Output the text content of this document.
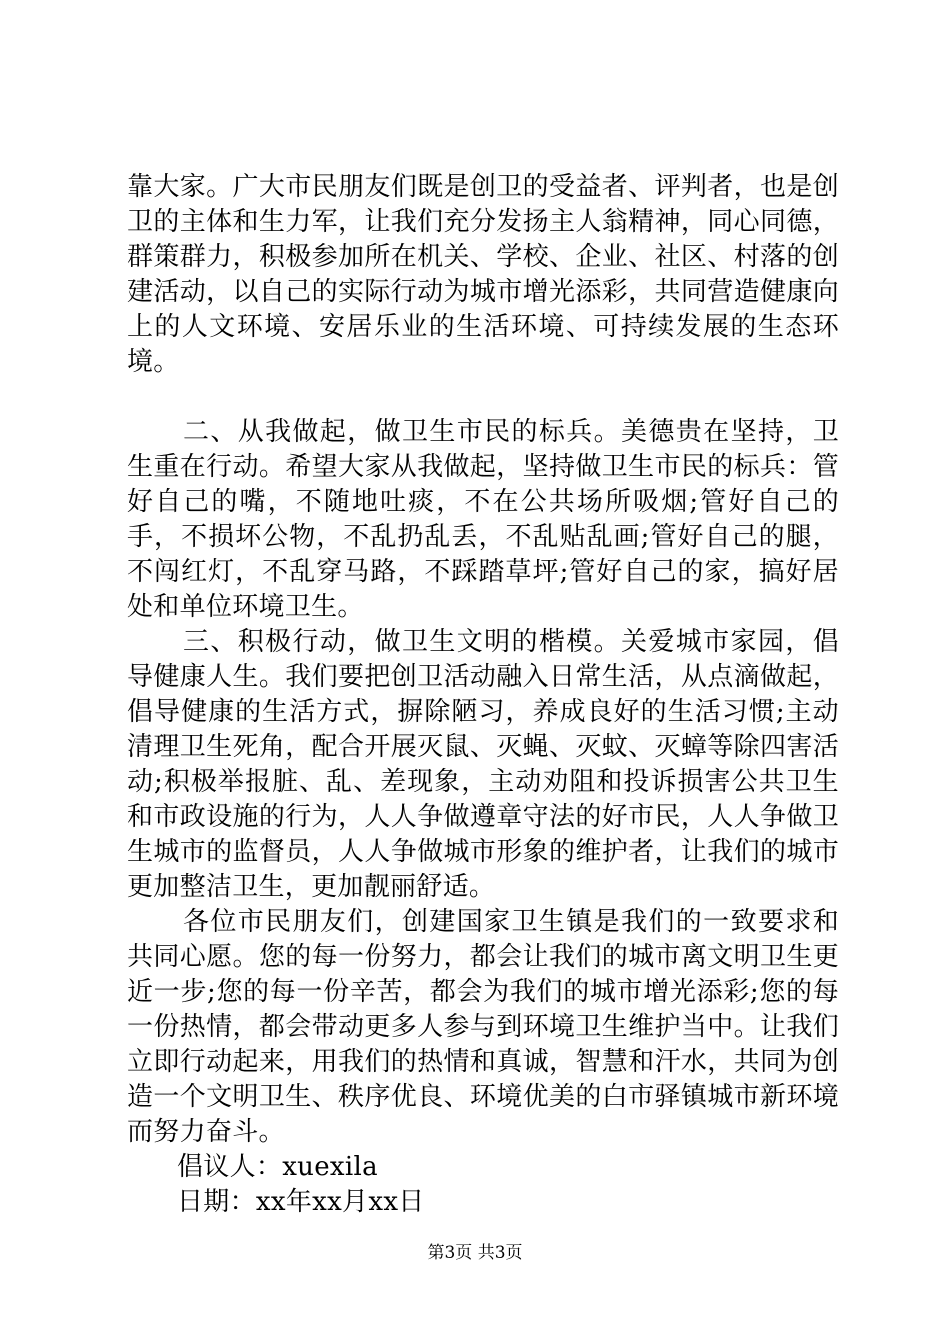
靠大家。广大市民朋友们既是创卫的受益者、评判者，也是创卫的主体和生力军，让我们充分发扬主人翁精神，同心同德，群策群力，积极参加所在机关、学校、企业、社区、村落的创建活动，以自己的实际行动为城市增光添彩，共同营造健康向上的人文环境、安居乐业的生活环境、可持续发展的生态环境。

二、从我做起，做卫生市民的标兵。美德贵在坚持，卫生重在行动。希望大家从我做起，坚持做卫生市民的标兵：管好自己的嘴，不随地吐痰，不在公共场所吸烟;管好自己的手，不损坏公物，不乱扔乱丢，不乱贴乱画;管好自己的腿，不闯红灯，不乱穿马路，不踩踏草坪;管好自己的家，搞好居处和单位环境卫生。

三、积极行动，做卫生文明的楷模。关爱城市家园，倡导健康人生。我们要把创卫活动融入日常生活，从点滴做起，倡导健康的生活方式，摒除陋习，养成良好的生活习惯;主动清理卫生死角，配合开展灭鼠、灭蝇、灭蚊、灭蟑等除四害活动;积极举报脏、乱、差现象，主动劝阻和投诉损害公共卫生和市政设施的行为，人人争做遵章守法的好市民，人人争做卫生城市的监督员，人人争做城市形象的维护者，让我们的城市更加整洁卫生，更加靓丽舒适。

各位市民朋友们，创建国家卫生镇是我们的一致要求和共同心愿。您的每一份努力，都会让我们的城市离文明卫生更近一步;您的每一份辛苦，都会为我们的城市增光添彩;您的每一份热情，都会带动更多人参与到环境卫生维护当中。让我们立即行动起来，用我们的热情和真诚，智慧和汗水，共同为创造一个文明卫生、秩序优良、环境优美的白市驿镇城市新环境而努力奋斗。

倡议人：xuexila

日期：xx年xx月xx日

第3页 共3页
